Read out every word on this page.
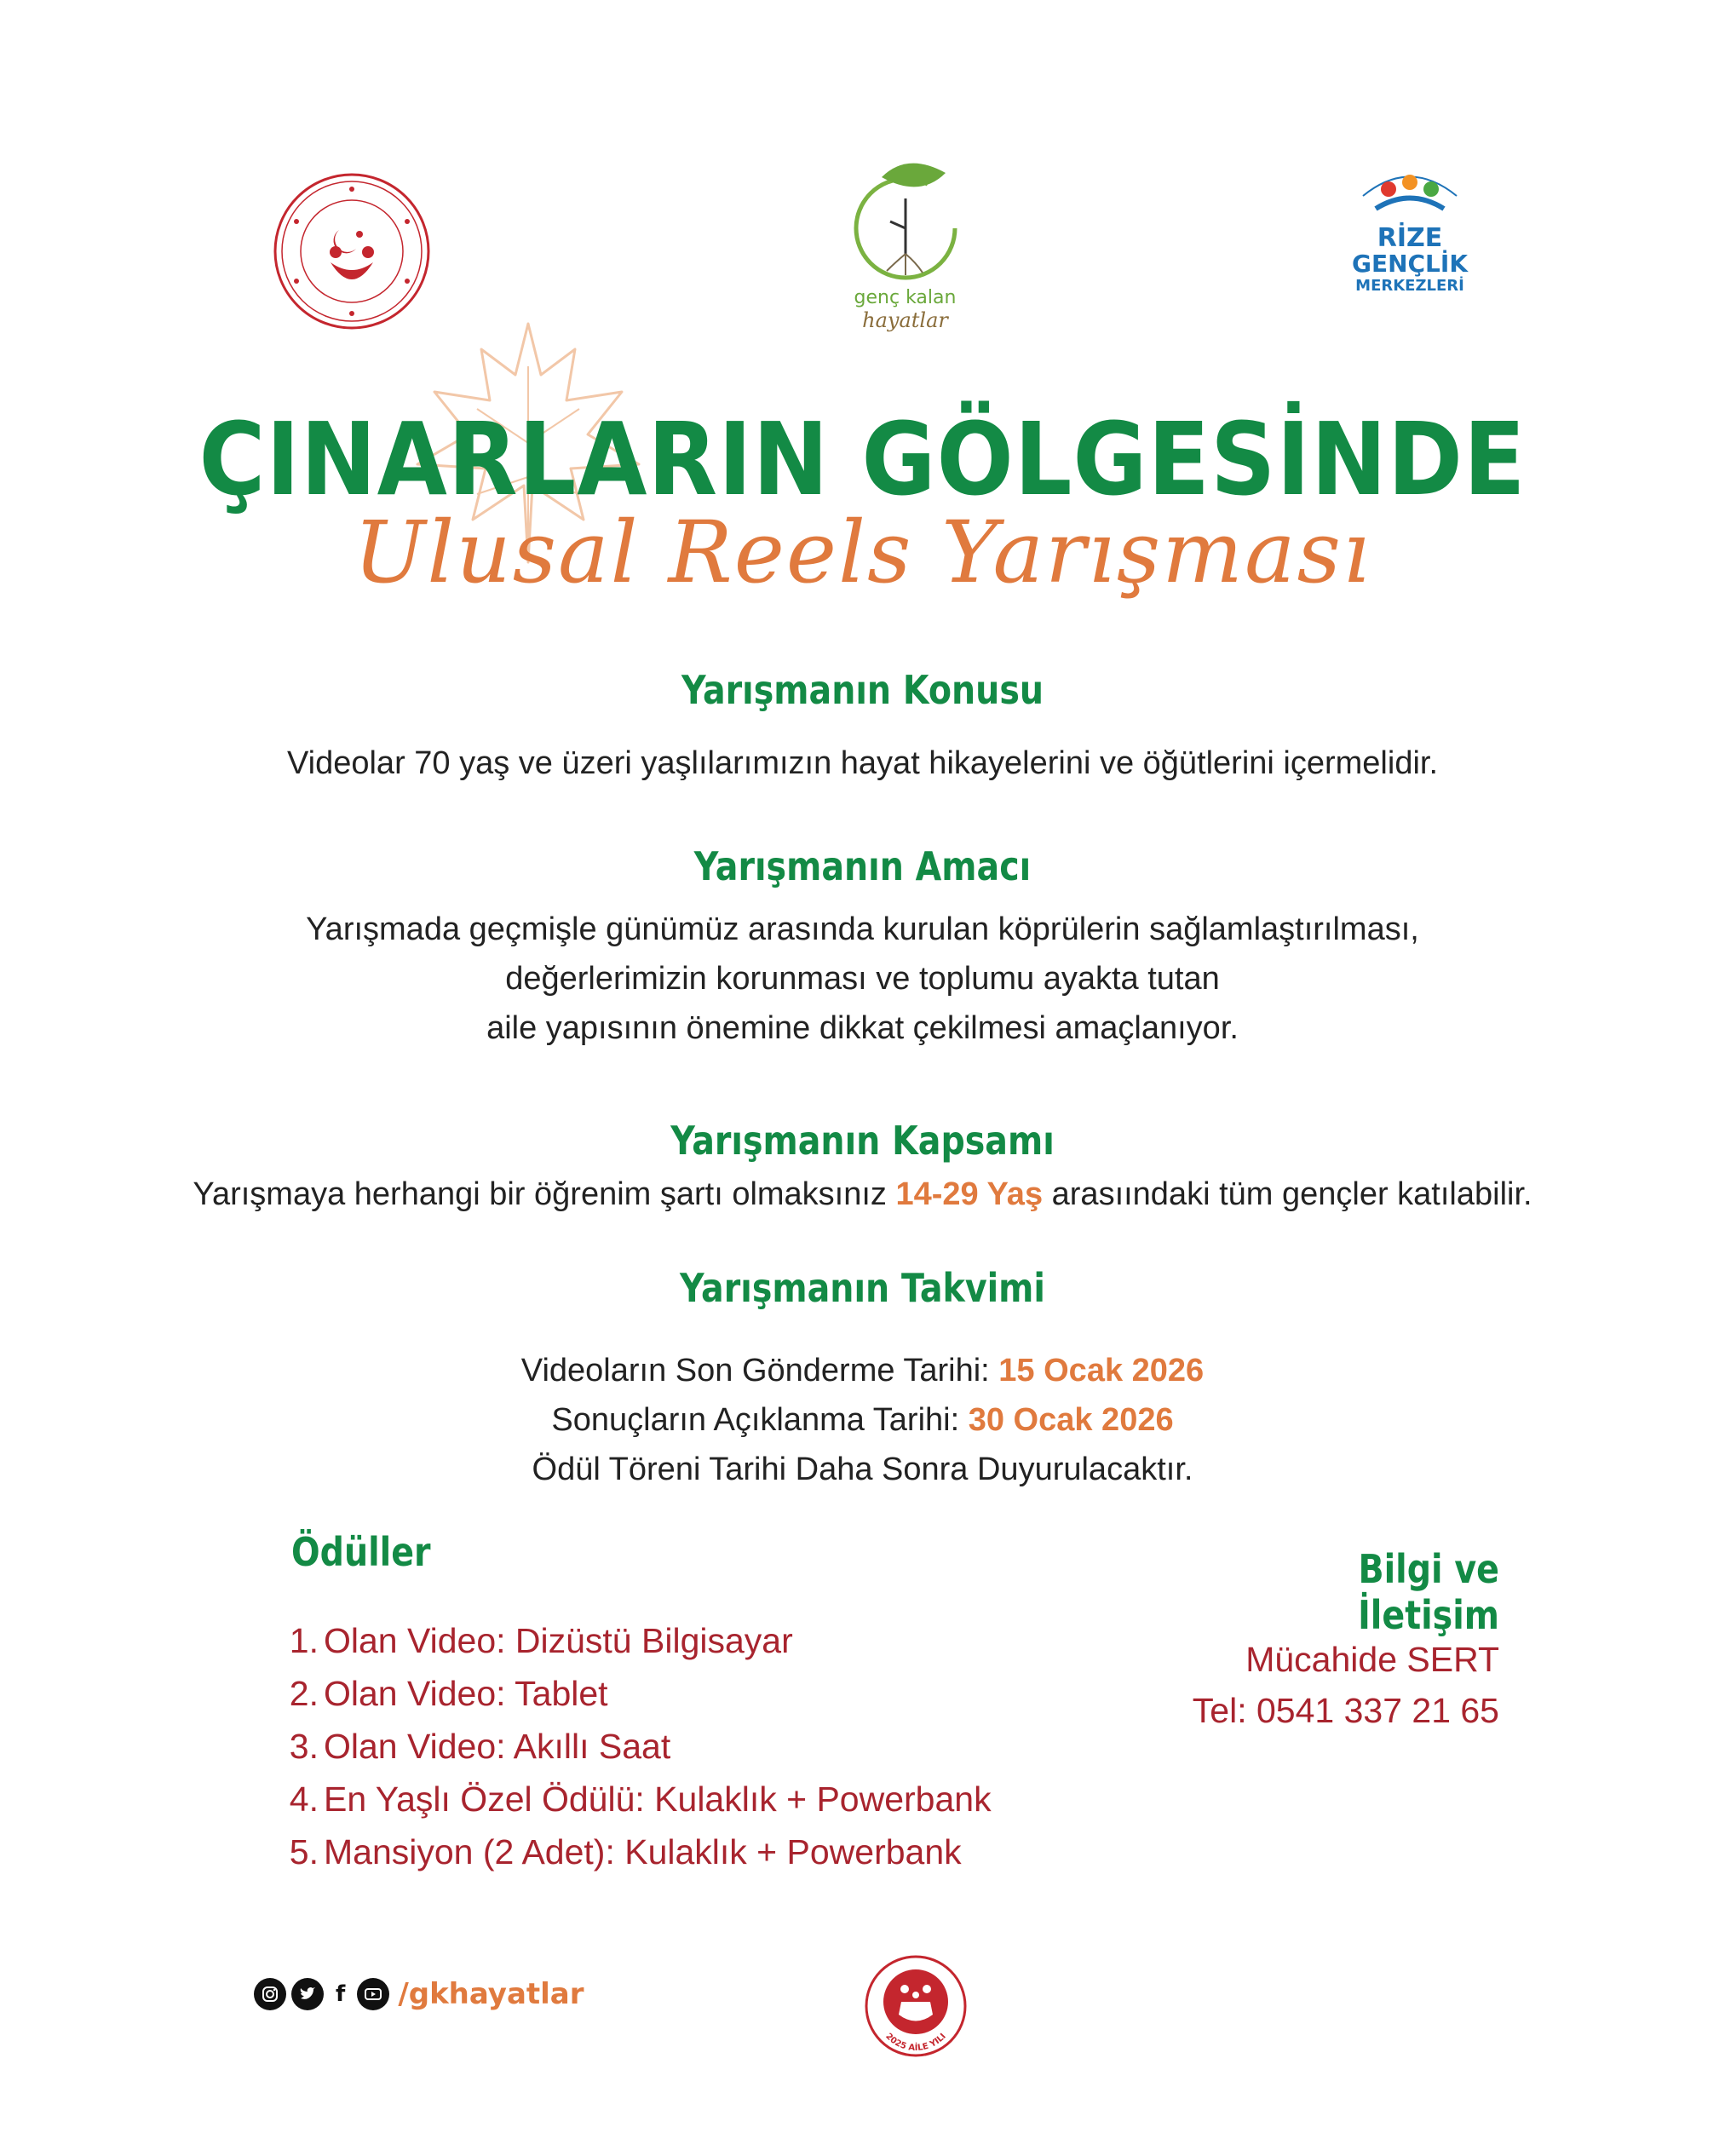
genç kalan
hayatlar
RİZE
GENÇLİK
MERKEZLERİ
ÇINARLARIN GÖLGESİNDE
Ulusal Reels Yarışması
Yarışmanın Konusu
Videolar 70 yaş ve üzeri yaşlılarımızın hayat hikayelerini ve öğütlerini içermelidir.
Yarışmanın Amacı
Yarışmada geçmişle günümüz arasında kurulan köprülerin sağlamlaştırılması,
değerlerimizin korunması ve toplumu ayakta tutan
aile yapısının önemine dikkat çekilmesi amaçlanıyor.
Yarışmanın Kapsamı
Yarışmaya herhangi bir öğrenim şartı olmaksınız 14-29 Yaş arasıındaki tüm gençler katılabilir.
Yarışmanın Takvimi
Videoların Son Gönderme Tarihi: 15 Ocak 2026
Sonuçların Açıklanma Tarihi: 30 Ocak 2026
Ödül Töreni Tarihi Daha Sonra Duyurulacaktır.
Ödüller
1. Olan Video: Dizüstü Bilgisayar
2. Olan Video: Tablet
3. Olan Video: Akıllı Saat
4. En Yaşlı Özel Ödülü: Kulaklık + Powerbank
5. Mansiyon (2 Adet): Kulaklık + Powerbank
Bilgi ve İletişim
Mücahide SERT
Tel: 0541 337 21 65
f /gkhayatlar
2025 AİLE YILI
